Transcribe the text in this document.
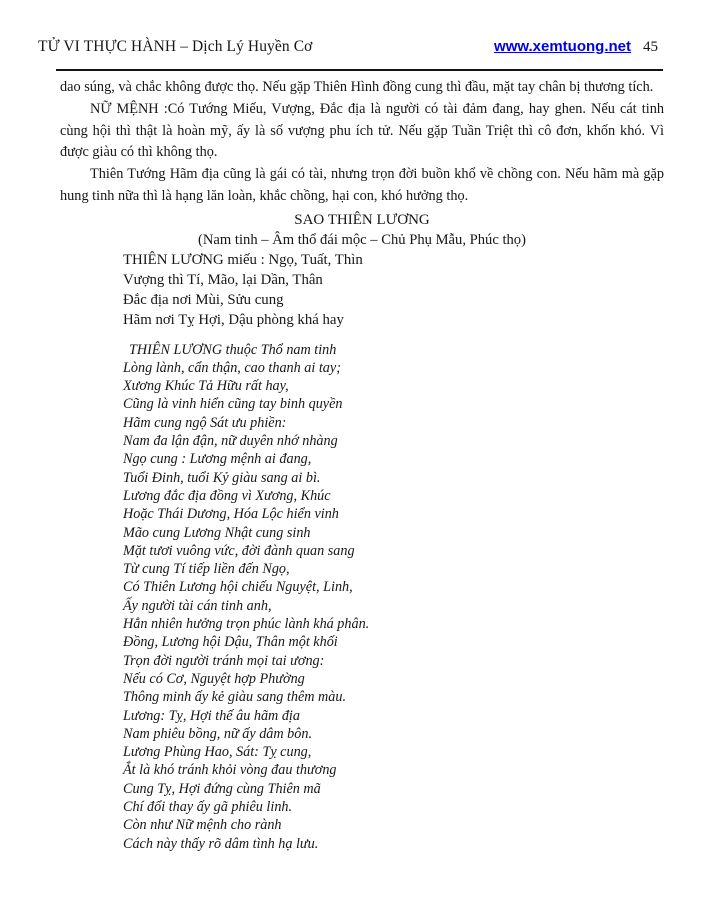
TỬ VI THỰC HÀNH – Dịch Lý Huyền Cơ	www.xemtuong.net 45

dao súng, và chắc không được thọ. Nếu gặp Thiên Hình đồng cung thì đầu, mặt tay chân bị thương tích.

NỮ MỆNH :Có Tướng Miếu, Vượng, Đắc địa là người có tài đảm đang, hay ghen. Nếu cát tinh cùng hội thì thật là hoàn mỹ, ấy là số vượng phu ích tử. Nếu gặp Tuần Triệt thì cô đơn, khốn khó. Vì được giàu có thì không thọ.

Thiên Tướng Hãm địa cũng là gái có tài, nhưng trọn đời buồn khổ về chồng con. Nếu hãm mà gặp hung tinh nữa thì là hạng lăn loàn, khắc chồng, hại con, khó hưởng thọ.

SAO THIÊN LƯƠNG
(Nam tinh – Âm thổ đái mộc – Chủ Phụ Mẫu, Phúc thọ)
THIÊN LƯƠNG miếu : Ngọ, Tuất, Thìn
Vượng thì Tí, Mão, lại Dần, Thân
Đắc địa nơi Mùi, Sửu cung
Hãm nơi Tỵ Hợi, Dậu phòng khá hay
THIÊN LƯƠNG thuộc Thổ nam tinh
Lòng lành, cẩn thận, cao thanh ai tay;
Xương Khúc Tả Hữu rất hay,
Cũng là vinh hiển cũng tay binh quyền
Hãm cung ngộ Sát ưu phiền:
Nam đa lận đận, nữ duyên nhớ nhàng
Ngọ cung : Lương mệnh ai đang,
Tuổi Đinh, tuổi Kỷ giàu sang ai bì.
Lương đắc địa đồng vì Xương, Khúc
Hoặc Thái Dương, Hóa Lộc hiển vinh
Mão cung Lương Nhật cung sinh
Mặt tươi vuông vức, đời đành quan sang
Từ cung Tí tiếp liền đến Ngọ,
Có Thiên Lương hội chiếu Nguyệt, Linh,
Ấy người tài cán tinh anh,
Hẳn nhiên hưởng trọn phúc lành khá phân.
Đồng, Lương hội Dậu, Thân một khối
Trọn đời người tránh mọi tai ương:
Nếu có Cơ, Nguyệt hợp Phường
Thông minh ấy kẻ giàu sang thêm màu.
Lương: Tỵ, Hợi thế âu hãm địa
Nam phiêu bồng, nữ ấy dâm bôn.
Lương Phùng Hao, Sát: Tỵ cung,
Ắt là khó tránh khỏi vòng đau thương
Cung Tỵ, Hợi đứng cùng Thiên mã
Chí đổi thay ấy gã phiêu linh.
Còn như Nữ mệnh cho rành
Cách này thấy rõ dâm tình hạ lưu.
